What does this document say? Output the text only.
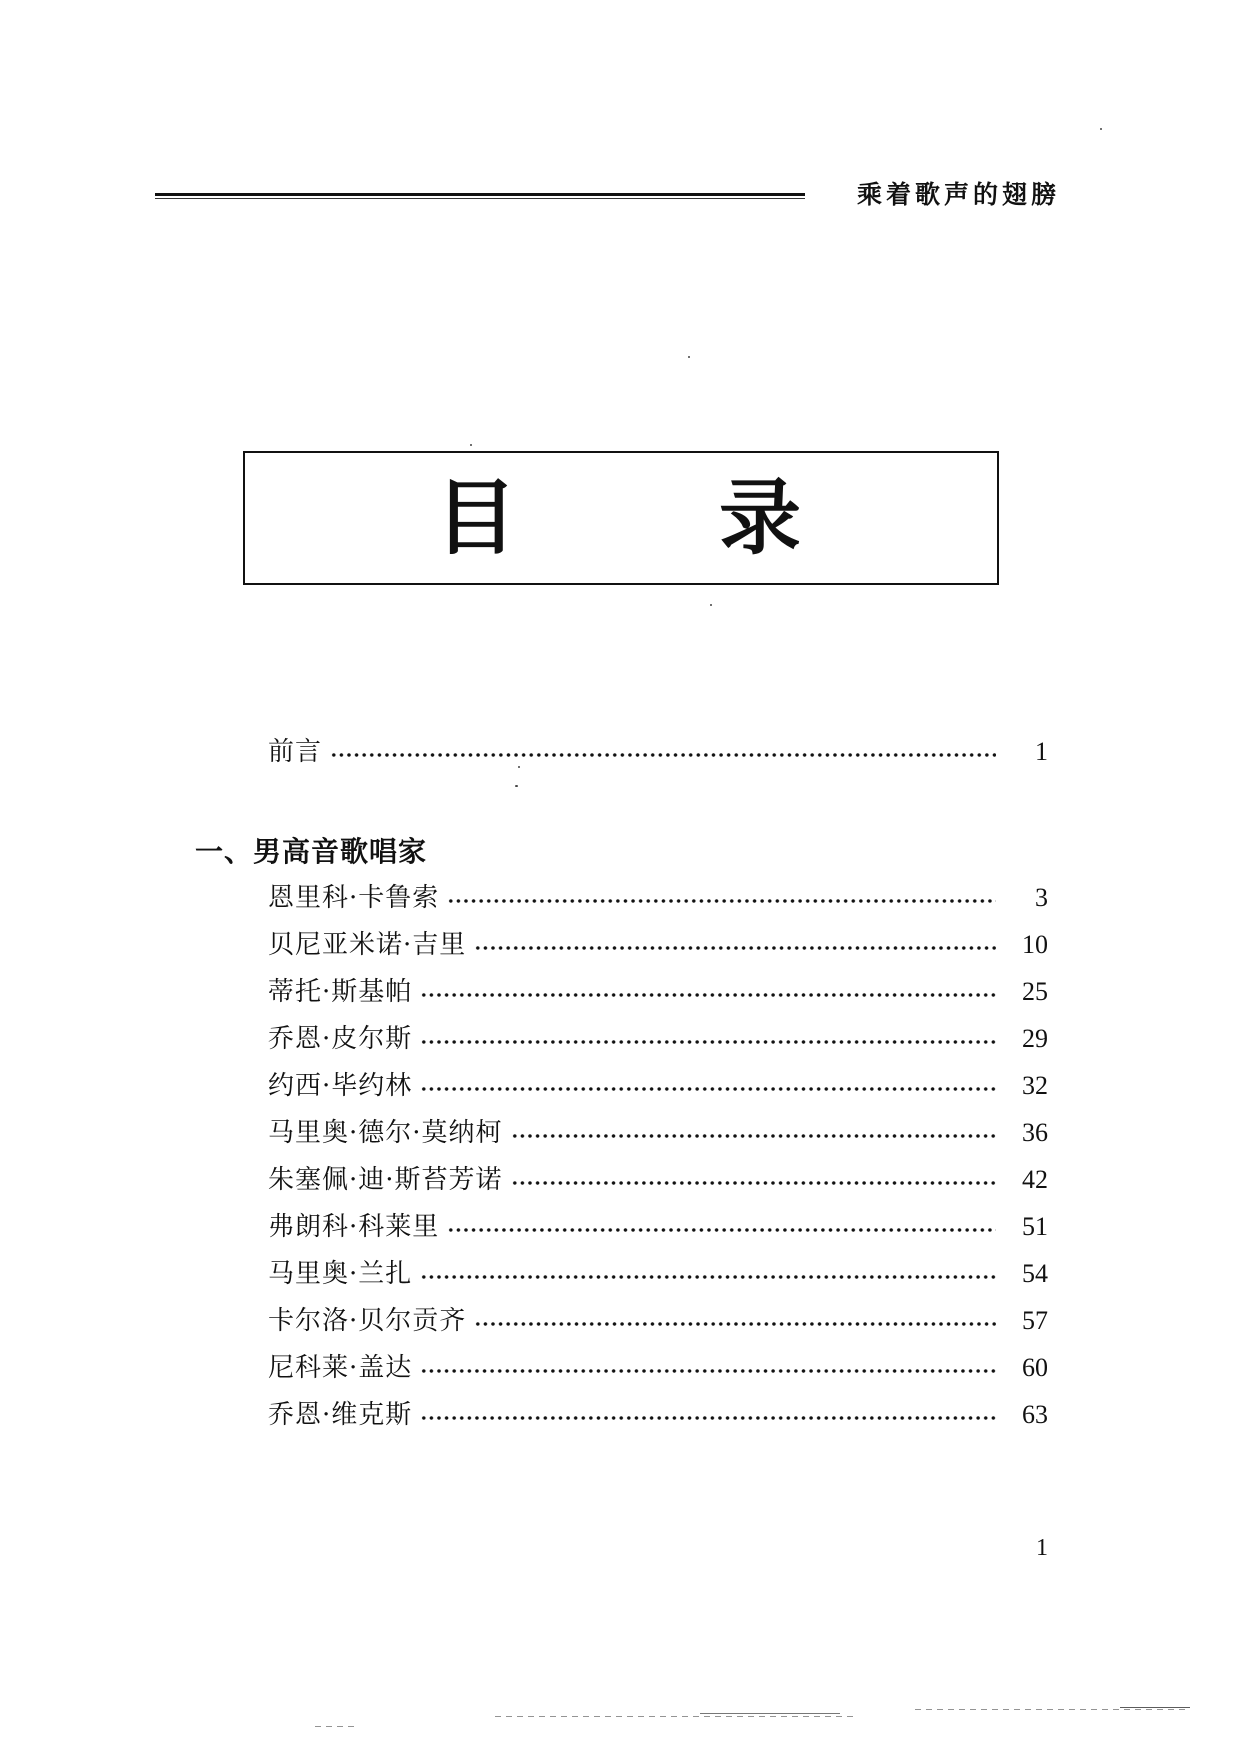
乘着歌声的翅膀
目 录
前言	1
一、男高音歌唱家
恩里科·卡鲁索	3
贝尼亚米诺·吉里	10
蒂托·斯基帕	25
乔恩·皮尔斯	29
约西·毕约林	32
马里奥·德尔·莫纳柯	36
朱塞佩·迪·斯苔芳诺	42
弗朗科·科莱里	51
马里奥·兰扎	54
卡尔洛·贝尔贡齐	57
尼科莱·盖达	60
乔恩·维克斯	63
1
